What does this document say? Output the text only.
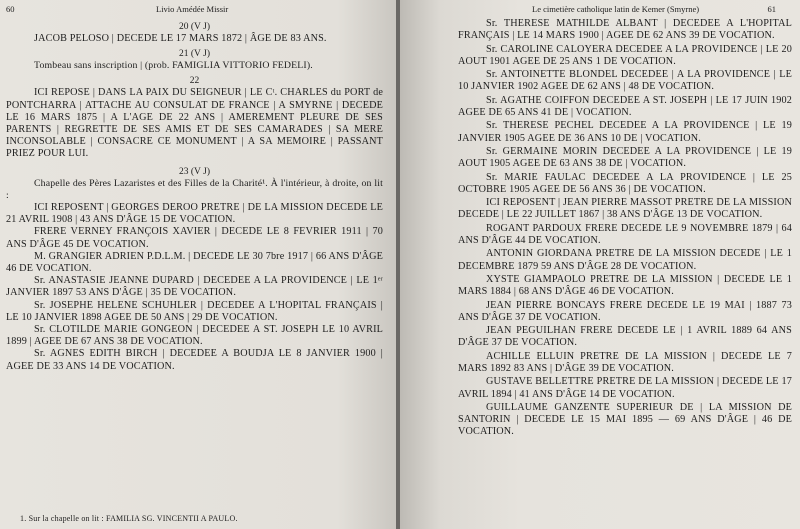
60	Livio Amédée Missir
20 (V J)

JACOB PELOSO | DECEDE LE 17 MARS 1872 | ÂGE DE 83 ANS.

21 (V J)

Tombeau sans inscription | (prob. FAMIGLIA VITTORIO FEDELI).

22

ICI REPOSE | DANS LA PAIX DU SEIGNEUR | LE Cᵗ. CHARLES du PORT de PONTCHARRA | ATTACHE AU CONSULAT DE FRANCE | A SMYRNE | DECEDE LE 16 MARS 1875 | A L'AGE DE 22 ANS | AMEREMENT PLEURE DE SES PARENTS | REGRETTE DE SES AMIS ET DE SES CAMARADES | SA MERE INCONSOLABLE | CONSACRE CE MONUMENT | A SA MEMOIRE | PASSANT PRIEZ POUR LUI.

23 (V J)

Chapelle des Pères Lazaristes et des Filles de la Charité¹. À l'intérieur, à droite, on lit :

ICI REPOSENT | GEORGES DEROO PRETRE | DE LA MISSION DECEDE LE 21 AVRIL 1908 | 43 ANS D'ÂGE 15 DE VOCATION.

FRERE VERNEY FRANÇOIS XAVIER | DECEDE LE 8 FEVRIER 1911 | 70 ANS D'ÂGE 45 DE VOCATION.

M. GRANGIER ADRIEN P.D.L.M. | DECEDE LE 30 7bre 1917 | 66 ANS D'ÂGE 46 DE VOCATION.

Sr. ANASTASIE JEANNE DUPARD | DECEDEE A LA PROVIDENCE | LE 1ᵉʳ JANVIER 1897 53 ANS D'ÂGE | 35 DE VOCATION.

Sr. JOSEPHE HELENE SCHUHLER | DECEDEE A L'HOPITAL FRANÇAIS | LE 10 JANVIER 1898 AGEE DE 50 ANS | 29 DE VOCATION.

Sr. CLOTILDE MARIE GONGEON | DECEDEE A ST. JOSEPH LE 10 AVRIL 1899 | AGEE DE 67 ANS 38 DE VOCATION.

Sr. AGNES EDITH BIRCH | DECEDEE A BOUDJA LE 8 JANVIER 1900 | AGEE DE 33 ANS 14 DE VOCATION.

1. Sur la chapelle on lit : FAMILIA SG. VINCENTII A PAULO.
Le cimetière catholique latin de Kemer (Smyrne)	61

Sr. THERESE MATHILDE ALBANT | DECEDEE A L'HOPITAL FRANÇAIS | LE 14 MARS 1900 | AGEE DE 62 ANS 39 DE VOCATION.

Sr. CAROLINE CALOYERA DECEDEE A LA PROVIDENCE | LE 20 AOUT 1901 AGEE DE 25 ANS 1 DE VOCATION.

Sr. ANTOINETTE BLONDEL DECEDEE | A LA PROVIDENCE | LE 10 JANVIER 1902 AGEE DE 62 ANS | 48 DE VOCATION.

Sr. AGATHE COIFFON DECEDEE A ST. JOSEPH | LE 17 JUIN 1902 AGEE DE 65 ANS 41 DE | VOCATION.

Sr. THERESE PECHEL DECEDEE A LA PROVIDENCE | LE 19 JANVIER 1905 AGEE DE 36 ANS 10 DE | VOCATION.

Sr. GERMAINE MORIN DECEDEE A LA PROVIDENCE | LE 19 AOUT 1905 AGEE DE 63 ANS 38 DE | VOCATION.

Sr. MARIE FAULAC DECEDEE A LA PROVIDENCE | LE 25 OCTOBRE 1905 AGEE DE 56 ANS 36 | DE VOCATION.

ICI REPOSENT | JEAN PIERRE MASSOT PRETRE DE LA MISSION DECEDE | LE 22 JUILLET 1867 | 38 ANS D'ÂGE 13 DE VOCATION.

ROGANT PARDOUX FRERE DECEDE LE 9 NOVEMBRE 1879 | 64 ANS D'ÂGE 44 DE VOCATION.

ANTONIN GIORDANA PRETRE DE LA MISSION DECEDE | LE 1 DECEMBRE 1879 59 ANS D'ÂGE 28 DE VOCATION.

XYSTE GIAMPAOLO PRETRE DE LA MISSION | DECEDE LE 1 MARS 1884 | 68 ANS D'ÂGE 46 DE VOCATION.

JEAN PIERRE BONCAYS FRERE DECEDE LE 19 MAI | 1887 73 ANS D'ÂGE 37 DE VOCATION.

JEAN PEGUILHAN FRERE DECEDE LE | 1 AVRIL 1889 64 ANS D'ÂGE 37 DE VOCATION.

ACHILLE ELLUIN PRETRE DE LA MISSION | DECEDE LE 7 MARS 1892 83 ANS | D'ÂGE 39 DE VOCATION.

GUSTAVE BELLETTRE PRETRE DE LA MISSION | DECEDE LE 17 AVRIL 1894 | 41 ANS D'ÂGE 14 DE VOCATION.

GUILLAUME GANZENTE SUPERIEUR DE | LA MISSION DE SANTORIN | DECEDE LE 15 MAI 1895 — 69 ANS D'ÂGE | 46 DE VOCATION.
